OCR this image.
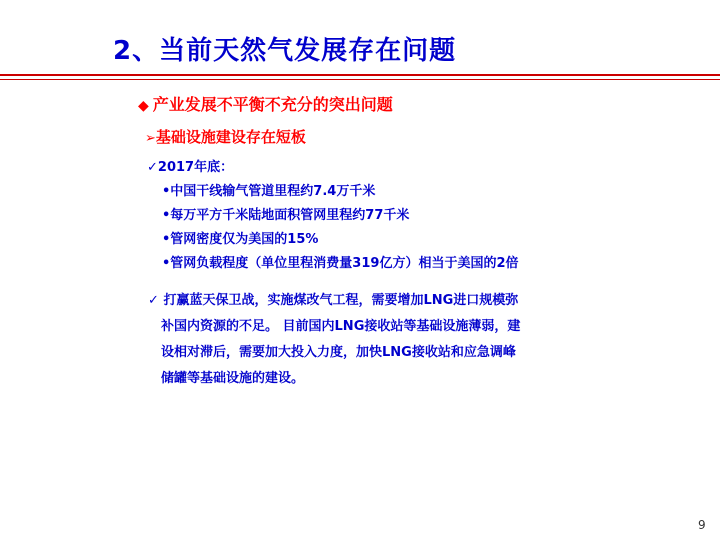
2、当前天然气发展存在问题
◆ 产业发展不平衡不充分的突出问题
➢基础设施建设存在短板
✓2017年底：
•中国干线输气管道里程约7.4万千米
•每万平方千米陆地面积管网里程约77千米
•管网密度仅为美国的15%
•管网负载程度（单位里程消费量319亿方）相当于美国的2倍
✓ 打赢蓝天保卫战，实施煤改气工程，需要增加LNG进口规模弥
补国内资源的不足。 目前国内LNG接收站等基础设施薄弱，建
设相对滞后，需要加大投入力度，加快LNG接收站和应急调峰
储罐等基础设施的建设。
9
